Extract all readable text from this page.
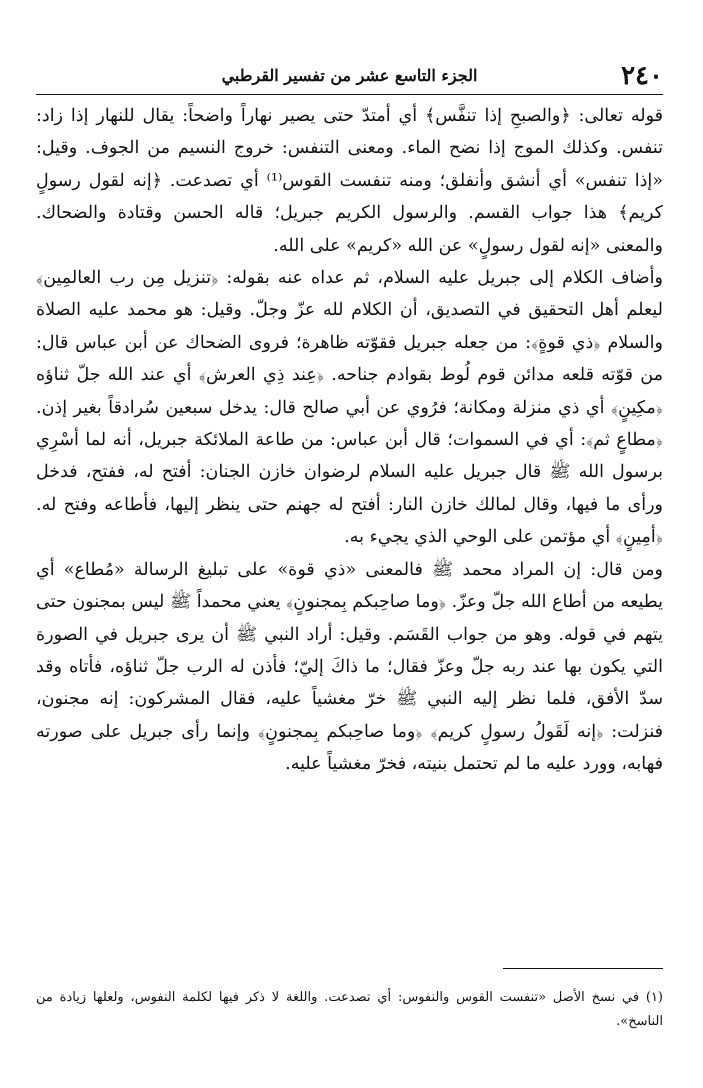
٢٤٠
الجزء التاسع عشر من تفسير القرطبي

قوله تعالى: ﴿والصبحِ إذا تنفَّس﴾ أي أمتدّ حتى يصير نهاراً واضحاً: يقال للنهار إذا زاد: تنفس. وكذلك الموج إذا نضح الماء. ومعنى التنفس: خروج النسيم من الجوف. وقيل: «إذا تنفس» أي أنشق وأنفلق؛ ومنه تنفست القوس⁽¹⁾ أي تصدعت. ﴿إنه لقول رسولٍ كريم﴾ هذا جواب القسم. والرسول الكريم جبريل؛ قاله الحسن وقتادة والضحاك. والمعنى «إنه لقول رسولٍ» عن الله «كريم» على الله.

وأضاف الكلام إلى جبريل عليه السلام، ثم عداه عنه بقوله: ﴿تنزيل مِن رب العالمِين﴾ ليعلم أهل التحقيق في التصديق، أن الكلام لله عزّ وجلّ. وقيل: هو محمد عليه الصلاة والسلام ﴿ذي قوةٍ﴾: من جعله جبريل فقوّته ظاهرة؛ فروى الضحاك عن أبن عباس قال: من قوّته قلعه مدائن قوم لُوط بقوادم جناحه. ﴿عِند ذِي العرش﴾ أي عند الله جلّ ثناؤه ﴿مكِينٍ﴾ أي ذي منزلة ومكانة؛ فرُوي عن أبي صالح قال: يدخل سبعين سُرادقاً بغير إذن. ﴿مطاعٍ ثم﴾: أي في السموات؛ قال أبن عباس: من طاعة الملائكة جبريل، أنه لما أسْرِي برسول الله ﷺ قال جبريل عليه السلام لرضوان خازن الجنان: أفتح له، ففتح، فدخل ورأى ما فيها، وقال لمالك خازن النار: أفتح له جهنم حتى ينظر إليها، فأطاعه وفتح له. ﴿أمِينٍ﴾ أي مؤتمن على الوحي الذي يجيء به.

ومن قال: إن المراد محمد ﷺ فالمعنى «ذي قوة» على تبليغ الرسالة «مُطاع» أي يطيعه من أطاع الله جلّ وعزّ. ﴿وما صاحِبكم بِمجنونٍ﴾ يعني محمداً ﷺ ليس بمجنون حتى يتهم في قوله. وهو من جواب القَسَم. وقيل: أراد النبي ﷺ أن يرى جبريل في الصورة التي يكون بها عند ربه جلّ وعزّ فقال؛ ما ذاكَ إليّ؛ فأذن له الرب جلّ ثناؤه، فأتاه وقد سدّ الأفق، فلما نظر إليه النبي ﷺ خرّ مغشياً عليه، فقال المشركون: إنه مجنون، فنزلت: ﴿إنه لَقَولُ رسولٍ كريم﴾ ﴿وما صاحِبكم بِمجنونٍ﴾ وإنما رأى جبريل على صورته فهابه، وورد عليه ما لم تحتمل بنيته، فخرّ مغشياً عليه.

(١) في نسخ الأصل «تنفست القوس والنفوس: أي تصدعت. واللغة لا ذكر فيها لكلمة النفوس، ولعلها زيادة من الناسخ».
